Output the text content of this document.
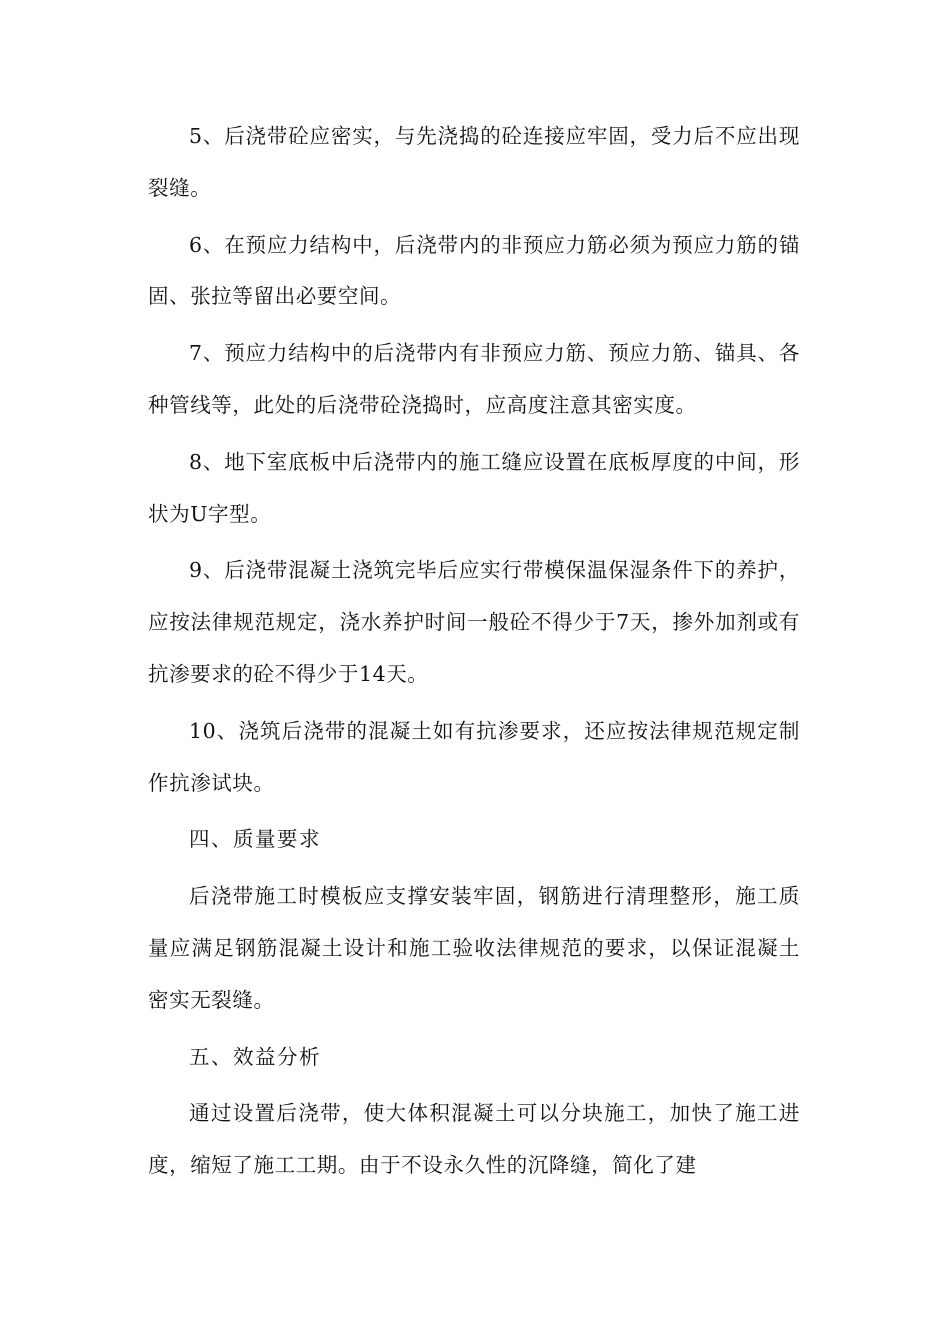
5、后浇带砼应密实，与先浇捣的砼连接应牢固，受力后不应出现裂缝。

6、在预应力结构中，后浇带内的非预应力筋必须为预应力筋的锚固、张拉等留出必要空间。

7、预应力结构中的后浇带内有非预应力筋、预应力筋、锚具、各种管线等，此处的后浇带砼浇捣时，应高度注意其密实度。

8、地下室底板中后浇带内的施工缝应设置在底板厚度的中间，形状为U字型。

9、后浇带混凝土浇筑完毕后应实行带模保温保湿条件下的养护，应按法律规范规定，浇水养护时间一般砼不得少于7天，掺外加剂或有抗渗要求的砼不得少于14天。

10、浇筑后浇带的混凝土如有抗渗要求，还应按法律规范规定制作抗渗试块。

四、质量要求

后浇带施工时模板应支撑安装牢固，钢筋进行清理整形，施工质量应满足钢筋混凝土设计和施工验收法律规范的要求，以保证混凝土密实无裂缝。

五、效益分析

通过设置后浇带，使大体积混凝土可以分块施工，加快了施工进度，缩短了施工工期。由于不设永久性的沉降缝，简化了建
